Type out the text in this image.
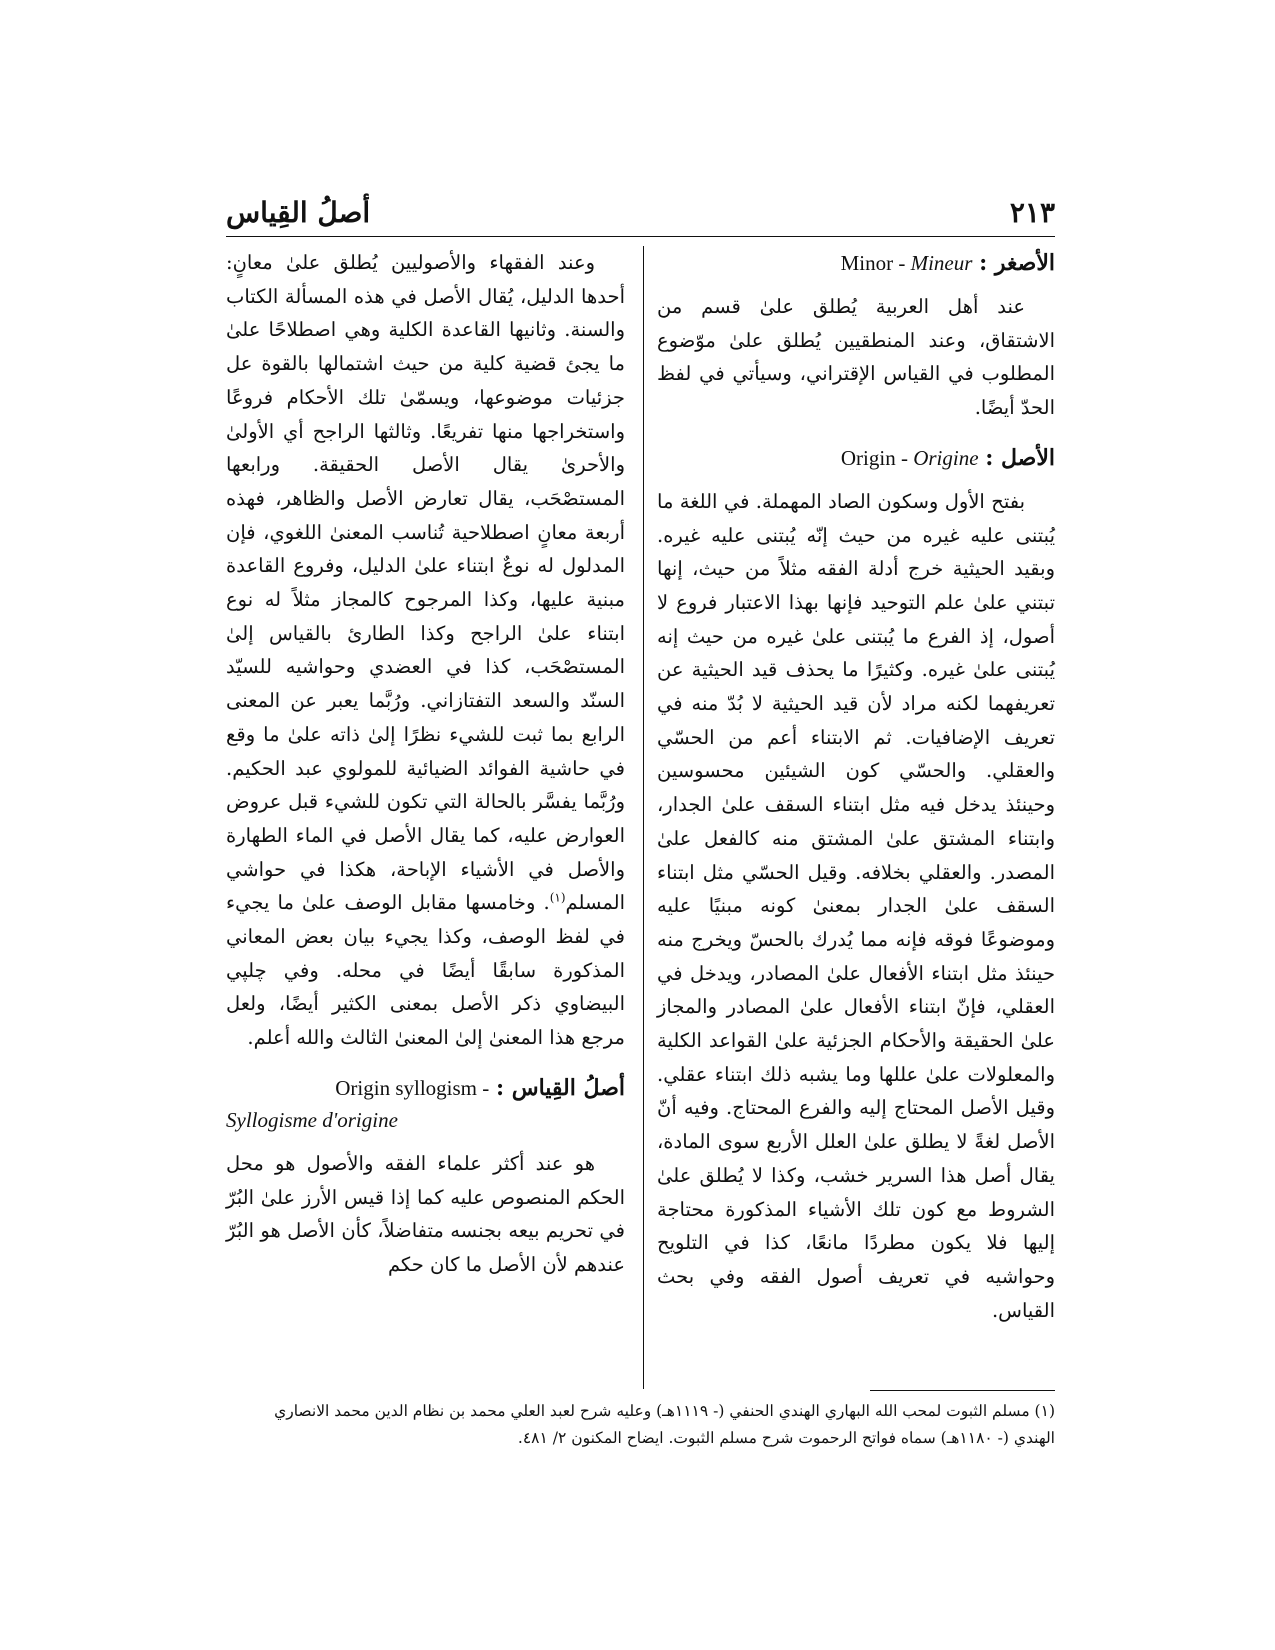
٢١٣
أصلُ القِياس
الأصغر : Minor - Mineur

عند أهل العربية يُطلق علىٰ قسم من الاشتقاق، وعند المنطقيين يُطلق علىٰ موّضوع المطلوب في القياس الإقتراني، وسيأتي في لفظ الحدّ أيضًا.

الأصل : Origin - Origine

بفتح الأول وسكون الصاد المهملة. في اللغة ما يُبتنى عليه غيره من حيث إنّه يُبتنى عليه غيره. وبقيد الحيثية خرج أدلة الفقه مثلاً من حيث، إنها تبتني علىٰ علم التوحيد فإنها بهذا الاعتبار فروع لا أصول، إذ الفرع ما يُبتنى علىٰ غيره من حيث إنه يُبتنى علىٰ غيره. وكثيرًا ما يحذف قيد الحيثية عن تعريفهما لكنه مراد لأن قيد الحيثية لا بُدّ منه في تعريف الإضافيات. ثم الابتناء أعم من الحسّي والعقلي. والحسّي كون الشيئين محسوسين وحينئذ يدخل فيه مثل ابتناء السقف علىٰ الجدار، وابتناء المشتق علىٰ المشتق منه كالفعل علىٰ المصدر. والعقلي بخلافه. وقيل الحسّي مثل ابتناء السقف علىٰ الجدار بمعنىٰ كونه مبنيًا عليه وموضوعًا فوقه فإنه مما يُدرك بالحسّ ويخرج منه حينئذ مثل ابتناء الأفعال علىٰ المصادر، ويدخل في العقلي، فإنّ ابتناء الأفعال علىٰ المصادر والمجاز علىٰ الحقيقة والأحكام الجزئية علىٰ القواعد الكلية والمعلولات علىٰ عللها وما يشبه ذلك ابتناء عقلي. وقيل الأصل المحتاج إليه والفرع المحتاج. وفيه أنّ الأصل لغةً لا يطلق علىٰ العلل الأربع سوى المادة، يقال أصل هذا السرير خشب، وكذا لا يُطلق علىٰ الشروط مع كون تلك الأشياء المذكورة محتاجة إليها فلا يكون مطردًا مانعًا، كذا في التلويح وحواشيه في تعريف أصول الفقه وفي بحث القياس.

وعند الفقهاء والأصوليين يُطلق علىٰ معانٍ: أحدها الدليل، يُقال الأصل في هذه المسألة الكتاب والسنة. وثانيها القاعدة الكلية وهي اصطلاحًا علىٰ ما يجئ قضية كلية من حيث اشتمالها بالقوة عل جزئيات موضوعها، ويسمّىٰ تلك الأحكام فروعًا واستخراجها منها تفريعًا. وثالثها الراجح أي الأولىٰ والأحرىٰ يقال الأصل الحقيقة. ورابعها المستصْحَب، يقال تعارض الأصل والظاهر، فهذه أربعة معانٍ اصطلاحية تُناسب المعنىٰ اللغوي، فإن المدلول له نوعٌ ابتناء علىٰ الدليل، وفروع القاعدة مبنية عليها، وكذا المرجوح كالمجاز مثلاً له نوع ابتناء علىٰ الراجح وكذا الطارئ بالقياس إلىٰ المستصْحَب، كذا في العضدي وحواشيه للسيّد السنّد والسعد التفتازاني. ورُبَّما يعبر عن المعنى الرابع بما ثبت للشيء نظرًا إلىٰ ذاته علىٰ ما وقع في حاشية الفوائد الضيائية للمولوي عبد الحكيم. ورُبَّما يفسَّر بالحالة التي تكون للشيء قبل عروض العوارض عليه، كما يقال الأصل في الماء الطهارة والأصل في الأشياء الإباحة، هكذا في حواشي المسلم$^{(١)}$. وخامسها مقابل الوصف علىٰ ما يجيء في لفظ الوصف، وكذا يجيء بيان بعض المعاني المذكورة سابقًا أيضًا في محله. وفي چلپي البيضاوي ذكر الأصل بمعنى الكثير أيضًا، ولعل مرجع هذا المعنىٰ إلىٰ المعنىٰ الثالث والله أعلم.

أصلُ القِياس : Origin syllogism -
Syllogisme d'origine

هو عند أكثر علماء الفقه والأصول هو محل الحكم المنصوص عليه كما إذا قيس الأرز علىٰ البُرّ في تحريم بيعه بجنسه متفاضلاً، كأن الأصل هو البُرّ عندهم لأن الأصل ما كان حكم

(١) مسلم الثبوت لمحب الله البهاري الهندي الحنفي (- ١١١٩هـ) وعليه شرح لعبد العلي محمد بن نظام الدين محمد الانصاري

الهندي (- ١١٨٠هـ) سماه فواتح الرحموت شرح مسلم الثبوت. ايضاح المكنون ٢/ ٤٨١.
